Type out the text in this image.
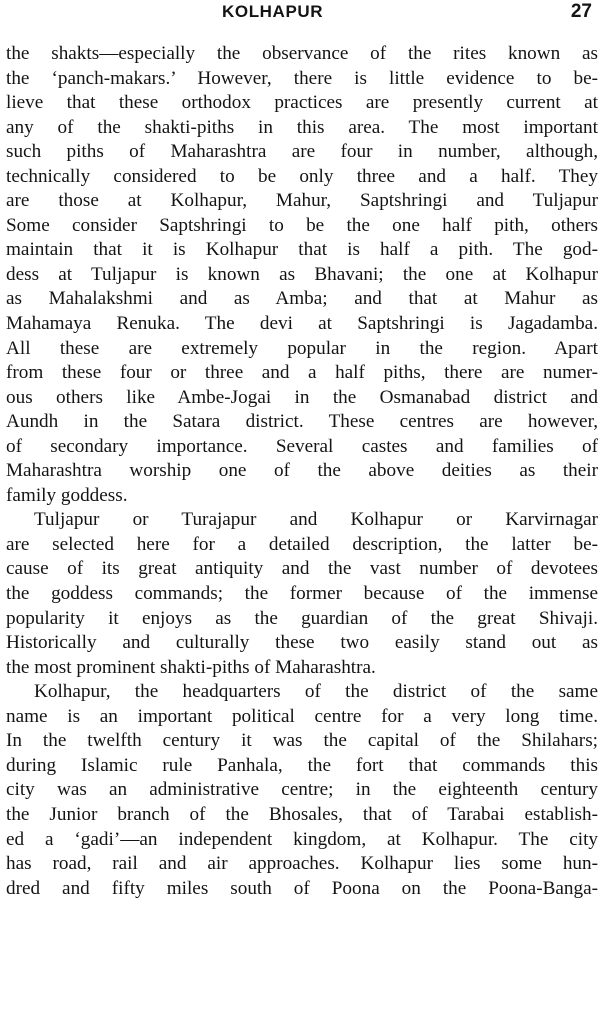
KOLHAPUR	27
the shakts—especially the observance of the rites known as
the ‘panch-makars.’ However, there is little evidence to be-
lieve that these orthodox practices are presently current at
any of the shakti-piths in this area. The most important
such piths of Maharashtra are four in number, although,
technically considered to be only three and a half. They
are those at Kolhapur, Mahur, Saptshringi and Tuljapur
Some consider Saptshringi to be the one half pith, others
maintain that it is Kolhapur that is half a pith. The god-
dess at Tuljapur is known as Bhavani; the one at Kolhapur
as Mahalakshmi and as Amba; and that at Mahur as
Mahamaya Renuka. The devi at Saptshringi is Jagadamba.
All these are extremely popular in the region. Apart
from these four or three and a half piths, there are numer-
ous others like Ambe-Jogai in the Osmanabad district and
Aundh in the Satara district. These centres are however,
of secondary importance. Several castes and families of
Maharashtra worship one of the above deities as their
family goddess.
Tuljapur or Turajapur and Kolhapur or Karvirnagar
are selected here for a detailed description, the latter be-
cause of its great antiquity and the vast number of devotees
the goddess commands; the former because of the immense
popularity it enjoys as the guardian of the great Shivaji.
Historically and culturally these two easily stand out as
the most prominent shakti-piths of Maharashtra.
Kolhapur, the headquarters of the district of the same
name is an important political centre for a very long time.
In the twelfth century it was the capital of the Shilahars;
during Islamic rule Panhala, the fort that commands this
city was an administrative centre; in the eighteenth century
the Junior branch of the Bhosales, that of Tarabai establish-
ed a ‘gadi’—an independent kingdom, at Kolhapur. The city
has road, rail and air approaches. Kolhapur lies some hun-
dred and fifty miles south of Poona on the Poona-Banga-
